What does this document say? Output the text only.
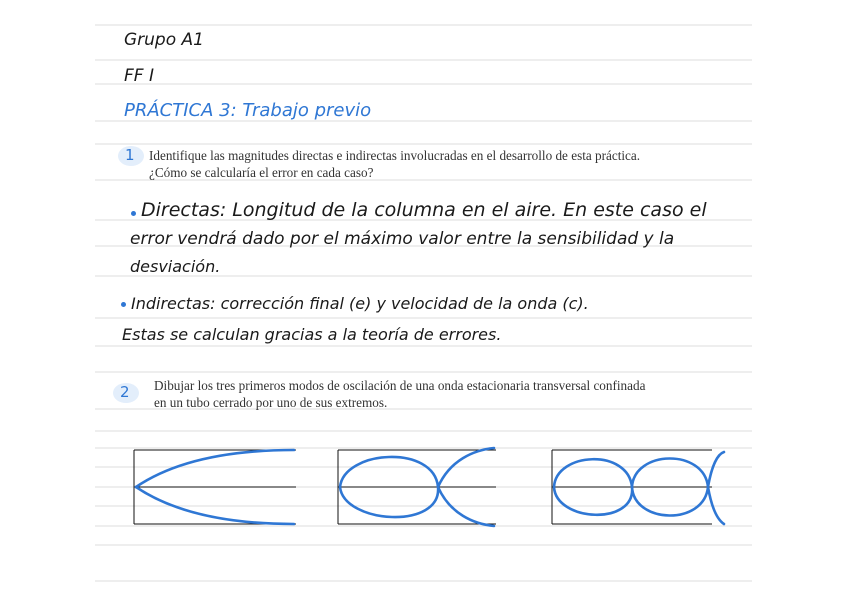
Grupo A1
FF I
PRÁCTICA 3: Trabajo previo
1 Identifique las magnitudes directas e indirectas involucradas en el desarrollo de esta práctica.
¿Cómo se calcularía el error en cada caso?
Directas: Longitud de la columna en el aire. En este caso el
error vendrá dado por el máximo valor entre la sensibilidad y la
desviación.
Indirectas: corrección final (e) y velocidad de la onda (c).
Estas se calculan gracias a la teoría de errores.
2 Dibujar los tres primeros modos de oscilación de una onda estacionaria transversal confinada
en un tubo cerrado por uno de sus extremos.
